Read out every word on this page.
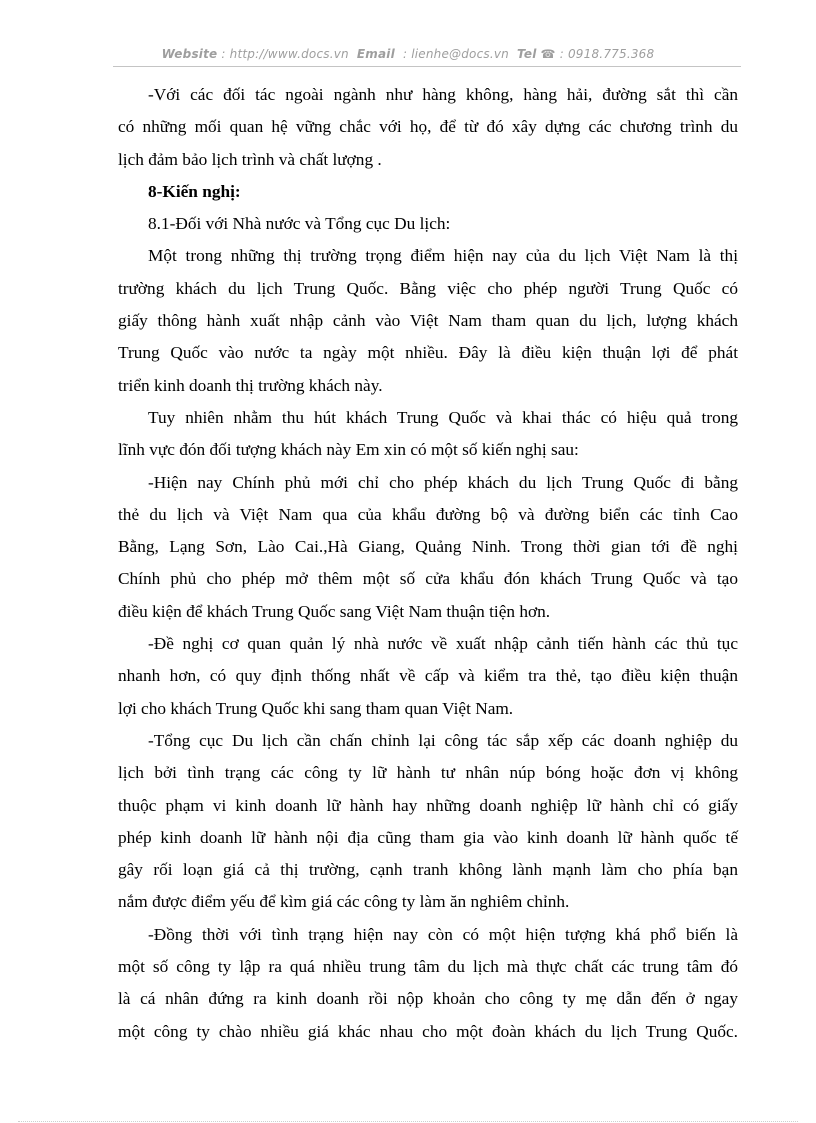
Website : http://www.docs.vn Email : lienhe@docs.vn Tel ☎ : 0918.775.368

-Với các đối tác ngoài ngành như hàng không, hàng hải, đường sắt thì cần

có những mối quan hệ vững chắc với họ, để từ đó xây dựng các chương trình du

lịch đảm bảo lịch trình và chất lượng .

8-Kiến nghị:

8.1-Đối với Nhà nước và Tổng cục Du lịch:

Một trong những thị trường trọng điểm hiện nay của du lịch Việt Nam là thị

trường khách du lịch Trung Quốc. Bằng việc cho phép người Trung Quốc có

giấy thông hành xuất nhập cảnh vào Việt Nam tham quan du lịch, lượng khách

Trung Quốc vào nước ta ngày một nhiều. Đây là điều kiện thuận lợi để phát

triển kinh doanh thị trường khách này.

Tuy nhiên nhằm thu hút khách Trung Quốc và khai thác có hiệu quả trong

lĩnh vực đón đối tượng khách này Em xin có một số kiến nghị sau:

-Hiện nay Chính phủ mới chỉ cho phép khách du lịch Trung Quốc đi bằng

thẻ du lịch và Việt Nam qua của khẩu đường bộ và đường biển các tỉnh Cao

Bằng, Lạng Sơn, Lào Cai.,Hà Giang, Quảng Ninh. Trong thời gian tới đề nghị

Chính phủ cho phép mở thêm một số cửa khẩu đón khách Trung Quốc và tạo

điều kiện để khách Trung Quốc sang Việt Nam thuận tiện hơn.

-Đề nghị cơ quan quản lý nhà nước về xuất nhập cảnh tiến hành các thủ tục

nhanh hơn, có quy định thống nhất về cấp và kiểm tra thẻ, tạo điều kiện thuận

lợi cho khách Trung Quốc khi sang tham quan Việt Nam.

-Tổng cục Du lịch cần chấn chỉnh lại công tác sắp xếp các doanh nghiệp du

lịch bởi tình trạng các công ty lữ hành tư nhân núp bóng hoặc đơn vị không

thuộc phạm vi kinh doanh lữ hành hay những doanh nghiệp lữ hành chỉ có giấy

phép kinh doanh lữ hành nội địa cũng tham gia vào kinh doanh lữ hành quốc tế

gây rối loạn giá cả thị trường, cạnh tranh không lành mạnh làm cho phía bạn

nắm được điểm yếu để kìm giá các công ty làm ăn nghiêm chỉnh.

-Đồng thời với tình trạng hiện nay còn có một hiện tượng khá phổ biến là

một số công ty lập ra quá nhiều trung tâm du lịch mà thực chất các trung tâm đó

là cá nhân đứng ra kinh doanh rồi nộp khoản cho công ty mẹ dẫn đến ở ngay

một công ty chào nhiều giá khác nhau cho một đoàn khách du lịch Trung Quốc.
